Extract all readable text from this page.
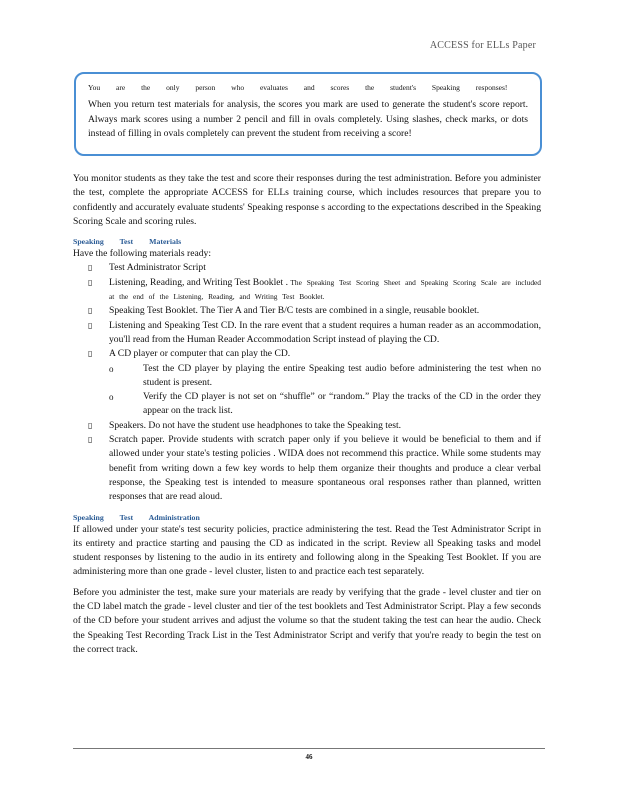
ACCESS for ELLs Paper

You are the only person who evaluates and scores the student's Speaking responses!

When you return test materials for analysis, the scores you mark are used to generate the student's score report. Always mark scores using a number 2 pencil and fill in ovals completely. Using slashes, check marks, or dots instead of filling in ovals completely can prevent the student from receiving a score!

You monitor students as they take the test and score their responses during the test administration. Before you administer the test, complete the appropriate ACCESS for ELLs training course, which includes resources that prepare you to confidently and accurately evaluate students' Speaking response s according to the expectations described in the Speaking Scoring Scale and scoring rules.

Speaking Test Materials

Have the following materials ready:

▯ Test Administrator Script
▯ Listening, Reading, and Writing Test Booklet . The Speaking Test Scoring Sheet and Speaking Scoring Scale are included at the end of the Listening, Reading, and Writing Test Booklet.
▯ Speaking Test Booklet. The Tier A and Tier B/C tests are combined in a single, reusable booklet.
▯ Listening and Speaking Test CD. In the rare event that a student requires a human reader as an accommodation, you'll read from the Human Reader Accommodation Script instead of playing the CD.
▯ A CD player or computer that can play the CD.
o	Test the CD player by playing the entire Speaking test audio before administering the test when no student is present.
o	Verify the CD player is not set on “shuffle” or “random.” Play the tracks of the CD in the order they appear on the track list.
▯ Speakers. Do not have the student use headphones to take the Speaking test.
▯ Scratch paper. Provide students with scratch paper only if you believe it would be beneficial to them and if allowed under your state's testing policies . WIDA does not recommend this practice. While some students may benefit from writing down a few key words to help them organize their thoughts and produce a clear verbal response, the Speaking test is intended to measure spontaneous oral responses rather than planned, written responses that are read aloud.
Speaking Test Administration

If allowed under your state's test security policies, practice administering the test. Read the Test Administrator Script in its entirety and practice starting and pausing the CD as indicated in the script. Review all Speaking tasks and model student responses by listening to the audio in its entirety and following along in the Speaking Test Booklet. If you are administering more than one grade - level cluster, listen to and practice each test separately.

Before you administer the test, make sure your materials are ready by verifying that the grade - level cluster and tier on the CD label match the grade - level cluster and tier of the test booklets and Test Administrator Script. Play a few seconds of the CD before your student arrives and adjust the volume so that the student taking the test can hear the audio. Check the Speaking Test Recording Track List in the Test Administrator Script and verify that you're ready to begin the test on the correct track.

46
